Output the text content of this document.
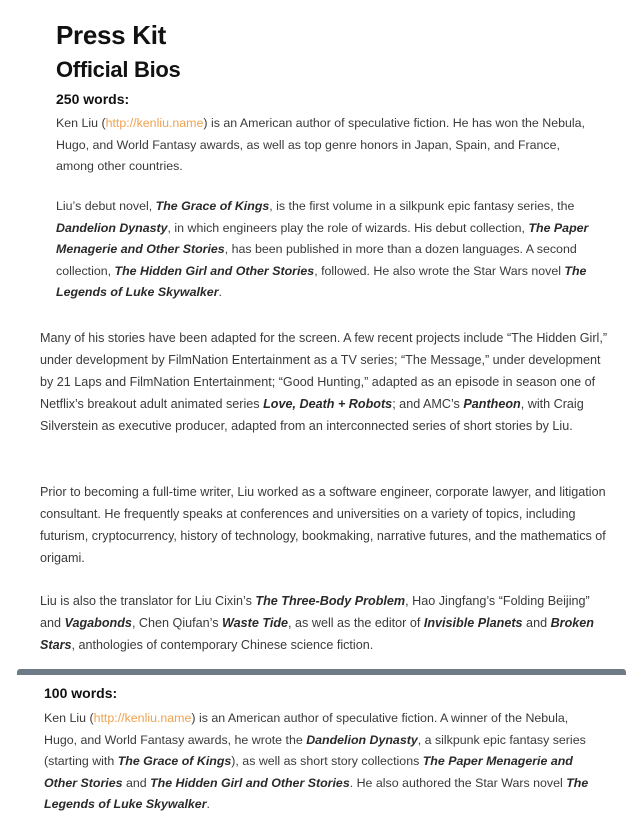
Press Kit
Official Bios
250 words:

Ken Liu (http://kenliu.name) is an American author of speculative fiction. He has won the Nebula, Hugo, and World Fantasy awards, as well as top genre honors in Japan, Spain, and France, among other countries.

Liu’s debut novel, The Grace of Kings, is the first volume in a silkpunk epic fantasy series, the Dandelion Dynasty, in which engineers play the role of wizards. His debut collection, The Paper Menagerie and Other Stories, has been published in more than a dozen languages. A second collection, The Hidden Girl and Other Stories, followed. He also wrote the Star Wars novel The Legends of Luke Skywalker.

Many of his stories have been adapted for the screen. A few recent projects include “The Hidden Girl,” under development by FilmNation Entertainment as a TV series; “The Message,” under development by 21 Laps and FilmNation Entertainment; “Good Hunting,” adapted as an episode in season one of Netflix’s breakout adult animated series Love, Death + Robots; and AMC’s Pantheon, with Craig Silverstein as executive producer, adapted from an interconnected series of short stories by Liu.

Prior to becoming a full-time writer, Liu worked as a software engineer, corporate lawyer, and litigation consultant. He frequently speaks at conferences and universities on a variety of topics, including futurism, cryptocurrency, history of technology, bookmaking, narrative futures, and the mathematics of origami.

Liu is also the translator for Liu Cixin’s The Three-Body Problem, Hao Jingfang’s “Folding Beijing” and Vagabonds, Chen Qiufan’s Waste Tide, as well as the editor of Invisible Planets and Broken Stars, anthologies of contemporary Chinese science fiction.

100 words:

Ken Liu (http://kenliu.name) is an American author of speculative fiction. A winner of the Nebula, Hugo, and World Fantasy awards, he wrote the Dandelion Dynasty, a silkpunk epic fantasy series (starting with The Grace of Kings), as well as short story collections The Paper Menagerie and Other Stories and The Hidden Girl and Other Stories. He also authored the Star Wars novel The Legends of Luke Skywalker.
